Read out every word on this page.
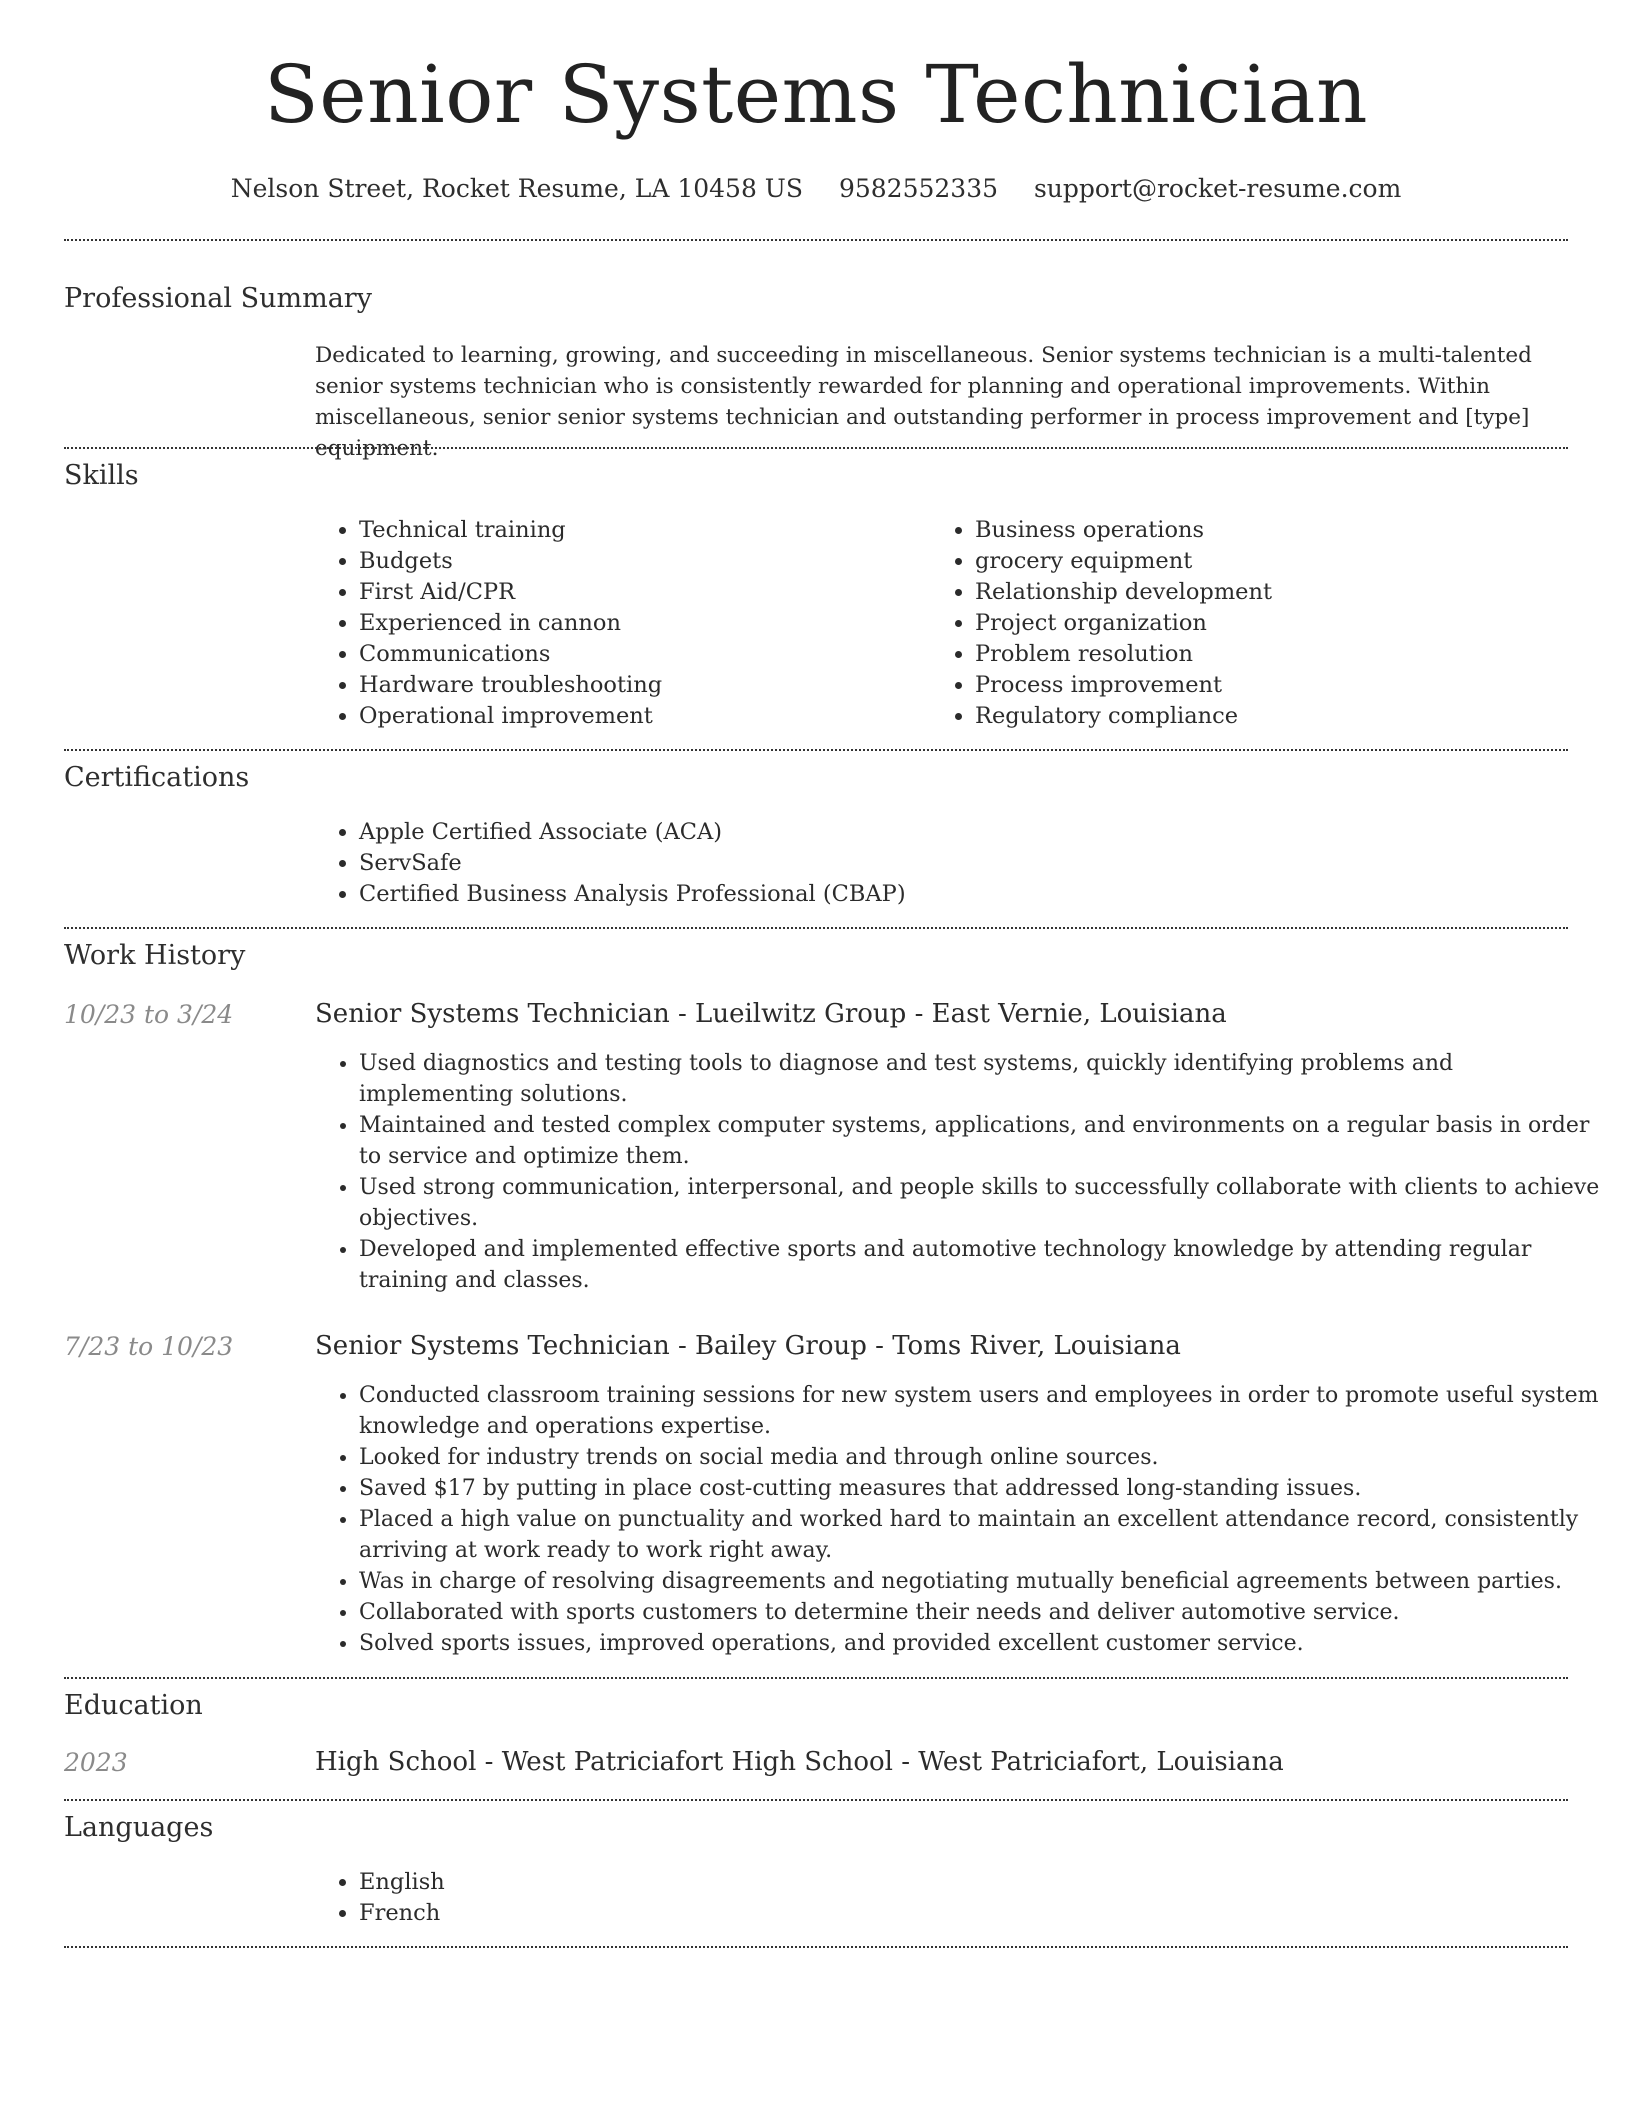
Senior Systems Technician
Nelson Street, Rocket Resume, LA 10458 US 9582552335 support@rocket-resume.com
Professional Summary

Dedicated to learning, growing, and succeeding in miscellaneous. Senior systems technician is a multi-talented senior systems technician who is consistently rewarded for planning and operational improvements. Within miscellaneous, senior senior systems technician and outstanding performer in process improvement and [type] equipment.

Skills
• Technical training
• Budgets
• First Aid/CPR
• Experienced in cannon
• Communications
• Hardware troubleshooting
• Operational improvement
• Business operations
• grocery equipment
• Relationship development
• Project organization
• Problem resolution
• Process improvement
• Regulatory compliance
Certifications
• Apple Certified Associate (ACA)
• ServSafe
• Certified Business Analysis Professional (CBAP)
Work History
10/23 to 3/24	Senior Systems Technician - Lueilwitz Group - East Vernie, Louisiana
• Used diagnostics and testing tools to diagnose and test systems, quickly identifying problems and implementing solutions.
• Maintained and tested complex computer systems, applications, and environments on a regular basis in order to service and optimize them.
• Used strong communication, interpersonal, and people skills to successfully collaborate with clients to achieve objectives.
• Developed and implemented effective sports and automotive technology knowledge by attending regular training and classes.
7/23 to 10/23	Senior Systems Technician - Bailey Group - Toms River, Louisiana
• Conducted classroom training sessions for new system users and employees in order to promote useful system knowledge and operations expertise.
• Looked for industry trends on social media and through online sources.
• Saved $17 by putting in place cost-cutting measures that addressed long-standing issues.
• Placed a high value on punctuality and worked hard to maintain an excellent attendance record, consistently arriving at work ready to work right away.
• Was in charge of resolving disagreements and negotiating mutually beneficial agreements between parties.
• Collaborated with sports customers to determine their needs and deliver automotive service.
• Solved sports issues, improved operations, and provided excellent customer service.
Education
2023	High School - West Patriciafort High School - West Patriciafort, Louisiana
Languages
• English
• French
